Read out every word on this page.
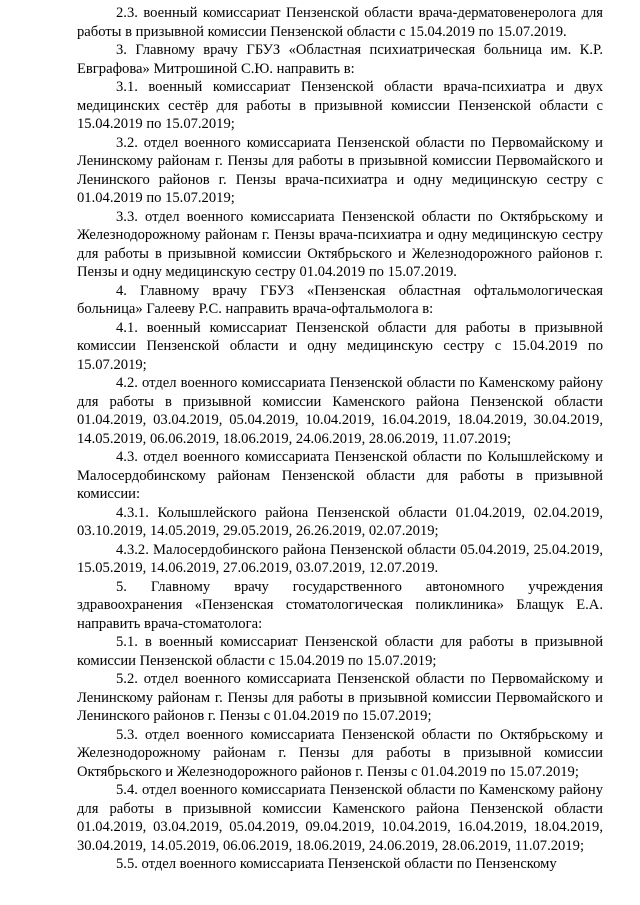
2.3. военный комиссариат Пензенской области врача-дерматовенеролога для работы в призывной комиссии Пензенской области с 15.04.2019 по 15.07.2019.

3. Главному врачу ГБУЗ «Областная психиатрическая больница им. К.Р. Евграфова» Митрошиной С.Ю. направить в:

3.1. военный комиссариат Пензенской области врача-психиатра и двух медицинских сестёр для работы в призывной комиссии Пензенской области с 15.04.2019 по 15.07.2019;

3.2. отдел военного комиссариата Пензенской области по Первомайскому и Ленинскому районам г. Пензы для работы в призывной комиссии Первомайского и Ленинского районов г. Пензы врача-психиатра и одну медицинскую сестру с 01.04.2019 по 15.07.2019;

3.3. отдел военного комиссариата Пензенской области по Октябрьскому и Железнодорожному районам г. Пензы врача-психиатра и одну медицинскую сестру для работы в призывной комиссии Октябрьского и Железнодорожного районов г. Пензы и одну медицинскую сестру 01.04.2019 по 15.07.2019.

4. Главному врачу ГБУЗ «Пензенская областная офтальмологическая больница» Галееву Р.С. направить врача-офтальмолога в:

4.1. военный комиссариат Пензенской области для работы в призывной комиссии Пензенской области и одну медицинскую сестру с 15.04.2019 по 15.07.2019;

4.2. отдел военного комиссариата Пензенской области по Каменскому району для работы в призывной комиссии Каменского района Пензенской области 01.04.2019, 03.04.2019, 05.04.2019, 10.04.2019, 16.04.2019, 18.04.2019, 30.04.2019, 14.05.2019, 06.06.2019, 18.06.2019, 24.06.2019, 28.06.2019, 11.07.2019;

4.3. отдел военного комиссариата Пензенской области по Колышлейскому и Малосердобинскому районам Пензенской области для работы в призывной комиссии:

4.3.1. Колышлейского района Пензенской области 01.04.2019, 02.04.2019, 03.10.2019, 14.05.2019, 29.05.2019, 26.26.2019, 02.07.2019;

4.3.2. Малосердобинского района Пензенской области 05.04.2019, 25.04.2019, 15.05.2019, 14.06.2019, 27.06.2019, 03.07.2019, 12.07.2019.

5. Главному врачу государственного автономного учреждения здравоохранения «Пензенская стоматологическая поликлиника» Блащук Е.А. направить врача-стоматолога:

5.1. в военный комиссариат Пензенской области для работы в призывной комиссии Пензенской области с 15.04.2019 по 15.07.2019;

5.2. отдел военного комиссариата Пензенской области по Первомайскому и Ленинскому районам г. Пензы для работы в призывной комиссии Первомайского и Ленинского районов г. Пензы с 01.04.2019 по 15.07.2019;

5.3. отдел военного комиссариата Пензенской области по Октябрьскому и Железнодорожному районам г. Пензы для работы в призывной комиссии Октябрьского и Железнодорожного районов г. Пензы с 01.04.2019 по 15.07.2019;

5.4. отдел военного комиссариата Пензенской области по Каменскому району для работы в призывной комиссии Каменского района Пензенской области 01.04.2019, 03.04.2019, 05.04.2019, 09.04.2019, 10.04.2019, 16.04.2019, 18.04.2019, 30.04.2019, 14.05.2019, 06.06.2019, 18.06.2019, 24.06.2019, 28.06.2019, 11.07.2019;

5.5. отдел военного комиссариата Пензенской области по Пензенскому
